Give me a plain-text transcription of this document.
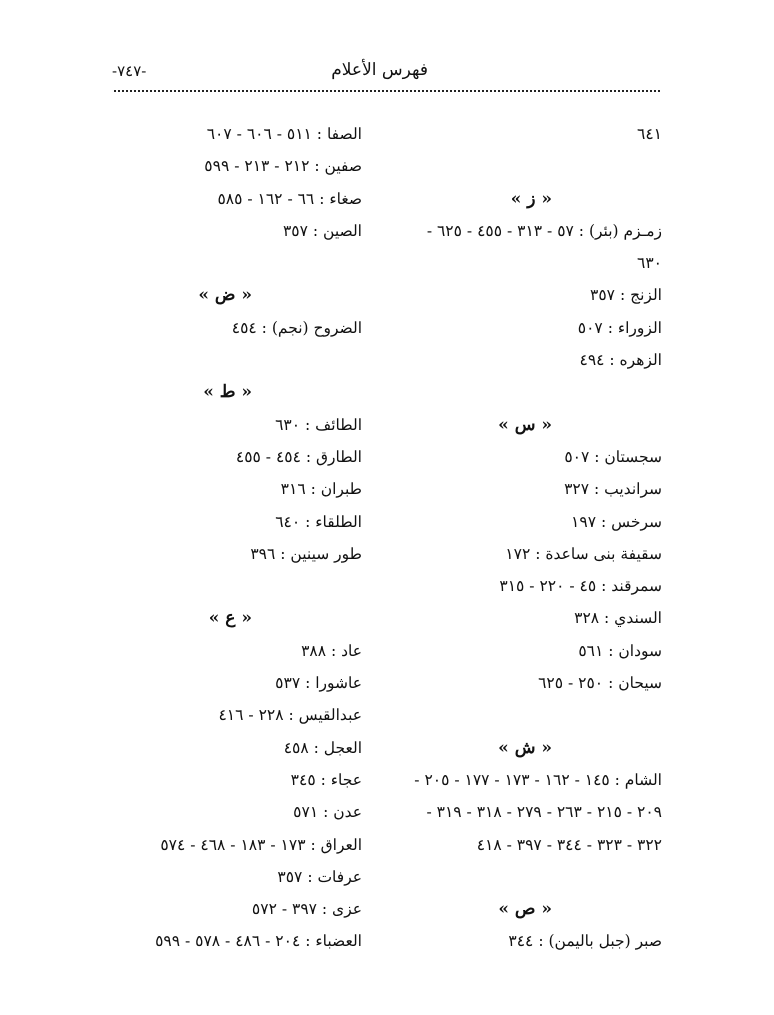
فهرس الأعلام
-٧٤٧-
٦٤١
« ز »
زمـزم (بئر) : ٥٧ - ٣١٣ - ٤٥٥ - ٦٢٥ -
٦٣٠
الزنج : ٣٥٧
الزوراء : ٥٠٧
الزهره : ٤٩٤
« س »
سجستان : ٥٠٧
سرانديب : ٣٢٧
سرخس : ١٩٧
سقيفة بنى ساعدة : ١٧٢
سمرقند : ٤٥ - ٢٢٠ - ٣١٥
السندي : ٣٢٨
سودان : ٥٦١
سيحان : ٢٥٠ - ٦٢٥
« ش »
الشام : ١٤٥ - ١٦٢ - ١٧٣ - ١٧٧ - ٢٠٥ -
٢٠٩ - ٢١٥ - ٢٦٣ - ٢٧٩ - ٣١٨ - ٣١٩ -
٣٢٢ - ٣٢٣ - ٣٤٤ - ٣٩٧ - ٤١٨
« ص »
صبر (جبل باليمن) : ٣٤٤
الصفا : ٥١١ - ٦٠٦ - ٦٠٧
صفين : ٢١٢ - ٢١٣ - ٥٩٩
صغاء : ٦٦ - ١٦٢ - ٥٨٥
الصين : ٣٥٧
« ض »
الضروح (نجم) : ٤٥٤
« ط »
الطائف : ٦٣٠
الطارق : ٤٥٤ - ٤٥٥
طبران : ٣١٦
الطلقاء : ٦٤٠
طور سينين : ٣٩٦
« ع »
عاد : ٣٨٨
عاشورا : ٥٣٧
عبدالقيس : ٢٢٨ - ٤١٦
العجل : ٤٥٨
عجاء : ٣٤٥
عدن : ٥٧١
العراق : ١٧٣ - ١٨٣ - ٤٦٨ - ٥٧٤
عرفات : ٣٥٧
عزى : ٣٩٧ - ٥٧٢
العضباء : ٢٠٤ - ٤٨٦ - ٥٧٨ - ٥٩٩
